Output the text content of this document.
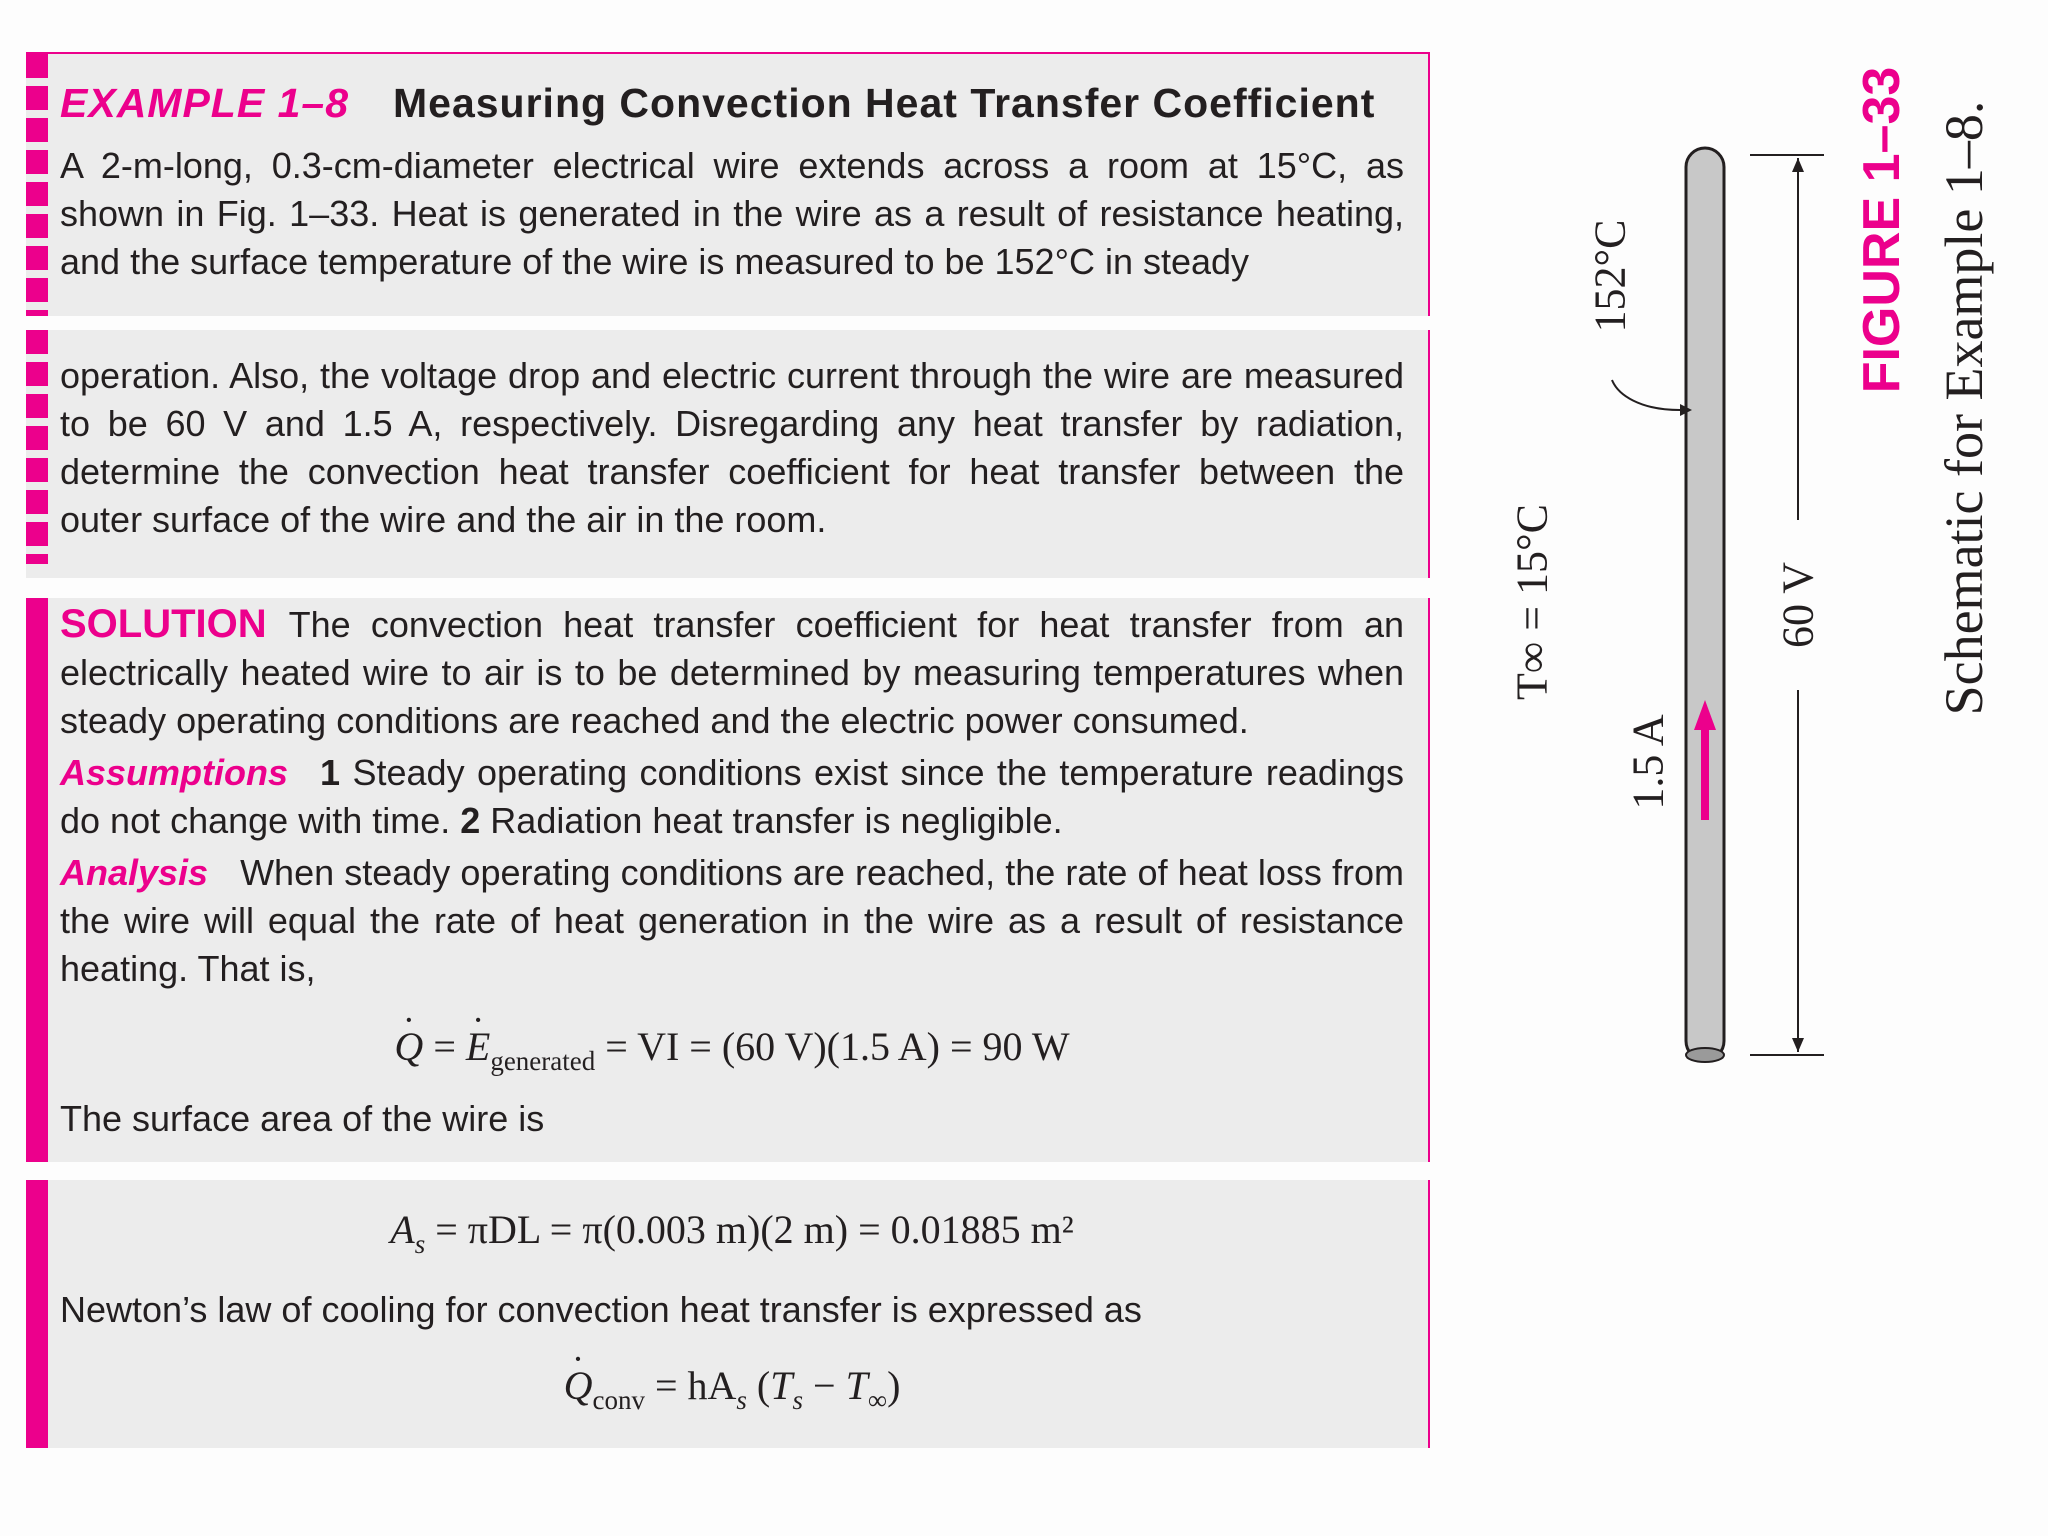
EXAMPLE 1–8 Measuring Convection Heat Transfer Coefficient

A 2-m-long, 0.3-cm-diameter electrical wire extends across a room at 15°C, as shown in Fig. 1–33. Heat is generated in the wire as a result of resistance heating, and the surface temperature of the wire is measured to be 152°C in steady

operation. Also, the voltage drop and electric current through the wire are measured to be 60 V and 1.5 A, respectively. Disregarding any heat transfer by radiation, determine the convection heat transfer coefficient for heat transfer between the outer surface of the wire and the air in the room.

SOLUTION The convection heat transfer coefficient for heat transfer from an electrically heated wire to air is to be determined by measuring temperatures when steady operating conditions are reached and the electric power consumed.

Assumptions 1 Steady operating conditions exist since the temperature readings do not change with time. 2 Radiation heat transfer is negligible.

Analysis When steady operating conditions are reached, the rate of heat loss from the wire will equal the rate of heat generation in the wire as a result of resistance heating. That is,

Q · = $E \cdot_{generated}$ = VI = (60 V)(1.5 A) = 90 W

The surface area of the wire is

$A_s = \pi DL = \pi(0.003$ m)(2 m) = 0.01885 m²

Newton’s law of cooling for convection heat transfer is expressed as

$Q \cdot_{conv} = hA_s$ $(T_s - T_\infty)$

T∞ = 15°C
152°C
1.5 A
60 V
FIGURE 1–33 Schematic for Example 1–8.
